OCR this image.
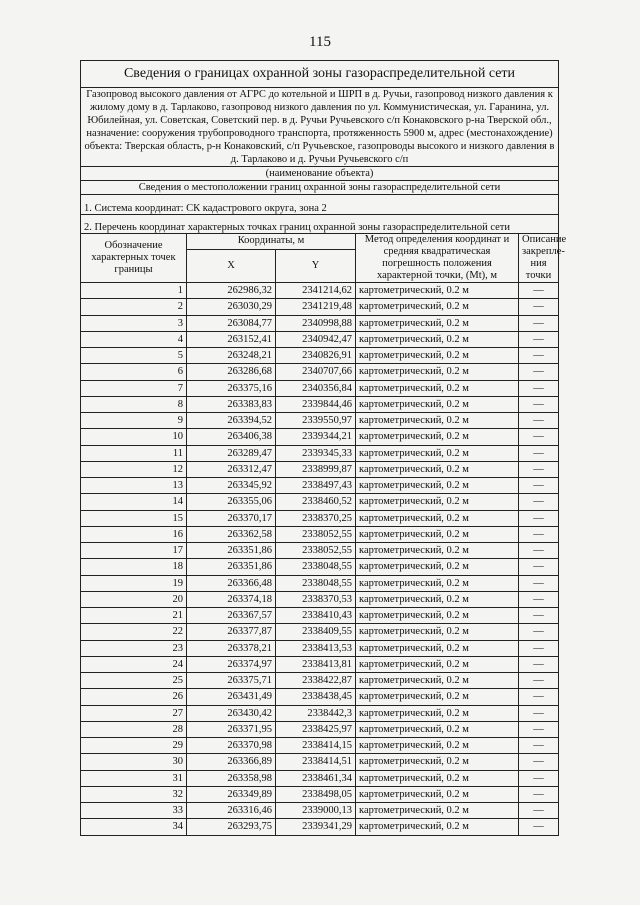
115
Сведения о границах охранной зоны газораспределительной сети				
Газопровод высокого давления от АГРС до котельной и ШРП в д. Ручьи, газопровод низкого давления к жилому дому в д. Тарлаково, газопровод низкого давления по ул. Коммунистическая, ул. Гаранина, ул. Юбилейная, ул. Советская, Советский пер. в д. Ручьи Ручьевского с/п Конаковского р-на Тверской обл., назначение: сооружения трубопроводного транспорта, протяженность 5900 м, адрес (местонахождение) объекта: Тверская область, р-н Конаковский, с/п Ручьевское, газопроводы высокого и низкого давления в д. Тарлаково и д. Ручьи Ручьевского с/п				
(наименование объекта)				
Сведения о местоположении границ охранной зоны газораспределительной сети				
1. Система координат: СК кадастрового округа, зона 2				
2. Перечень координат характерных точках границ охранной зоны газораспределительной сети				
Обозначение характерных точек границы	Координаты, м		Метод определения координат и средняя квадратическая погрешность положения характерной точки, (Mt), м	Описание закрепле- ния точки
	X	Y		
1	262986,32	2341214,62	картометрический, 0.2 м	—
2	263030,29	2341219,48	картометрический, 0.2 м	—
3	263084,77	2340998,88	картометрический, 0.2 м	—
4	263152,41	2340942,47	картометрический, 0.2 м	—
5	263248,21	2340826,91	картометрический, 0.2 м	—
6	263286,68	2340707,66	картометрический, 0.2 м	—
7	263375,16	2340356,84	картометрический, 0.2 м	—
8	263383,83	2339844,46	картометрический, 0.2 м	—
9	263394,52	2339550,97	картометрический, 0.2 м	—
10	263406,38	2339344,21	картометрический, 0.2 м	—
11	263289,47	2339345,33	картометрический, 0.2 м	—
12	263312,47	2338999,87	картометрический, 0.2 м	—
13	263345,92	2338497,43	картометрический, 0.2 м	—
14	263355,06	2338460,52	картометрический, 0.2 м	—
15	263370,17	2338370,25	картометрический, 0.2 м	—
16	263362,58	2338052,55	картометрический, 0.2 м	—
17	263351,86	2338052,55	картометрический, 0.2 м	—
18	263351,86	2338048,55	картометрический, 0.2 м	—
19	263366,48	2338048,55	картометрический, 0.2 м	—
20	263374,18	2338370,53	картометрический, 0.2 м	—
21	263367,57	2338410,43	картометрический, 0.2 м	—
22	263377,87	2338409,55	картометрический, 0.2 м	—
23	263378,21	2338413,53	картометрический, 0.2 м	—
24	263374,97	2338413,81	картометрический, 0.2 м	—
25	263375,71	2338422,87	картометрический, 0.2 м	—
26	263431,49	2338438,45	картометрический, 0.2 м	—
27	263430,42	2338442,3	картометрический, 0.2 м	—
28	263371,95	2338425,97	картометрический, 0.2 м	—
29	263370,98	2338414,15	картометрический, 0.2 м	—
30	263366,89	2338414,51	картометрический, 0.2 м	—
31	263358,98	2338461,34	картометрический, 0.2 м	—
32	263349,89	2338498,05	картометрический, 0.2 м	—
33	263316,46	2339000,13	картометрический, 0.2 м	—
34	263293,75	2339341,29	картометрический, 0.2 м	—
